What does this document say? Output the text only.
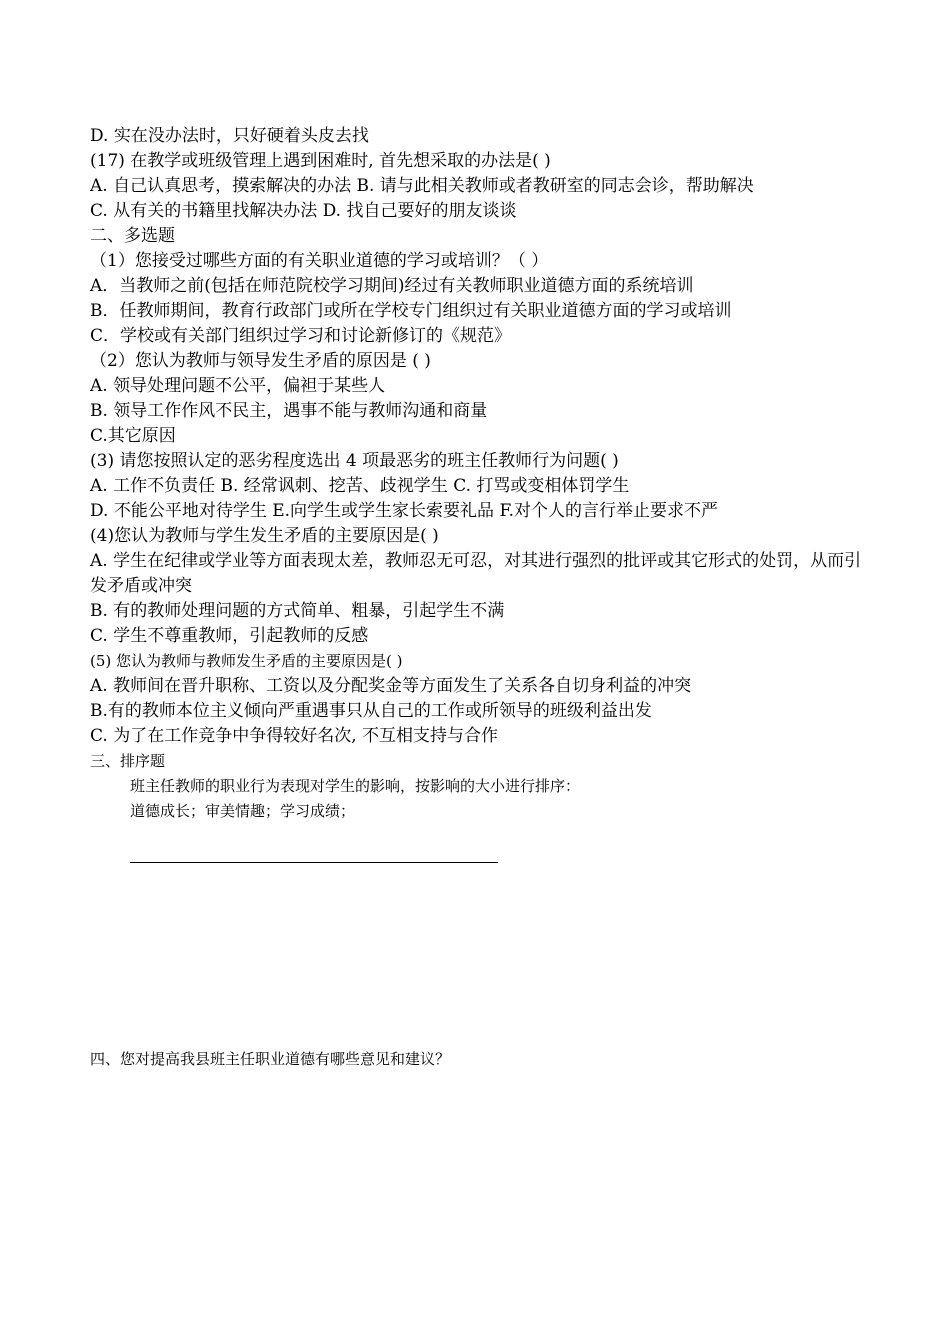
D. 实在没办法时，只好硬着头皮去找
(17) 在教学或班级管理上遇到困难时, 首先想采取的办法是( )
A. 自己认真思考，摸索解决的办法 B. 请与此相关教师或者教研室的同志会诊，帮助解决
C. 从有关的书籍里找解决办法 D. 找自己要好的朋友谈谈
二、多选题
（1）您接受过哪些方面的有关职业道德的学习或培训？（ ）
A．当教师之前(包括在师范院校学习期间)经过有关教师职业道德方面的系统培训
B．任教师期间，教育行政部门或所在学校专门组织过有关职业道德方面的学习或培训
C．学校或有关部门组织过学习和讨论新修订的《规范》
（2）您认为教师与领导发生矛盾的原因是 ( )
A. 领导处理问题不公平，偏袒于某些人
B. 领导工作作风不民主，遇事不能与教师沟通和商量
C.其它原因
(3) 请您按照认定的恶劣程度选出 4 项最恶劣的班主任教师行为问题( )
A. 工作不负责任 B. 经常讽刺、挖苦、歧视学生 C. 打骂或变相体罚学生
D. 不能公平地对待学生 E.向学生或学生家长索要礼品 F.对个人的言行举止要求不严
(4)您认为教师与学生发生矛盾的主要原因是( )
A. 学生在纪律或学业等方面表现太差，教师忍无可忍，对其进行强烈的批评或其它形式的处罚，从而引发矛盾或冲突
B. 有的教师处理问题的方式简单、粗暴，引起学生不满
C. 学生不尊重教师，引起教师的反感
(5) 您认为教师与教师发生矛盾的主要原因是( )
A. 教师间在晋升职称、工资以及分配奖金等方面发生了关系各自切身利益的冲突
B.有的教师本位主义倾向严重遇事只从自己的工作或所领导的班级利益出发
C. 为了在工作竞争中争得较好名次, 不互相支持与合作
三、排序题
班主任教师的职业行为表现对学生的影响，按影响的大小进行排序：
道德成长；审美情趣；学习成绩；
四、您对提高我县班主任职业道德有哪些意见和建议？
